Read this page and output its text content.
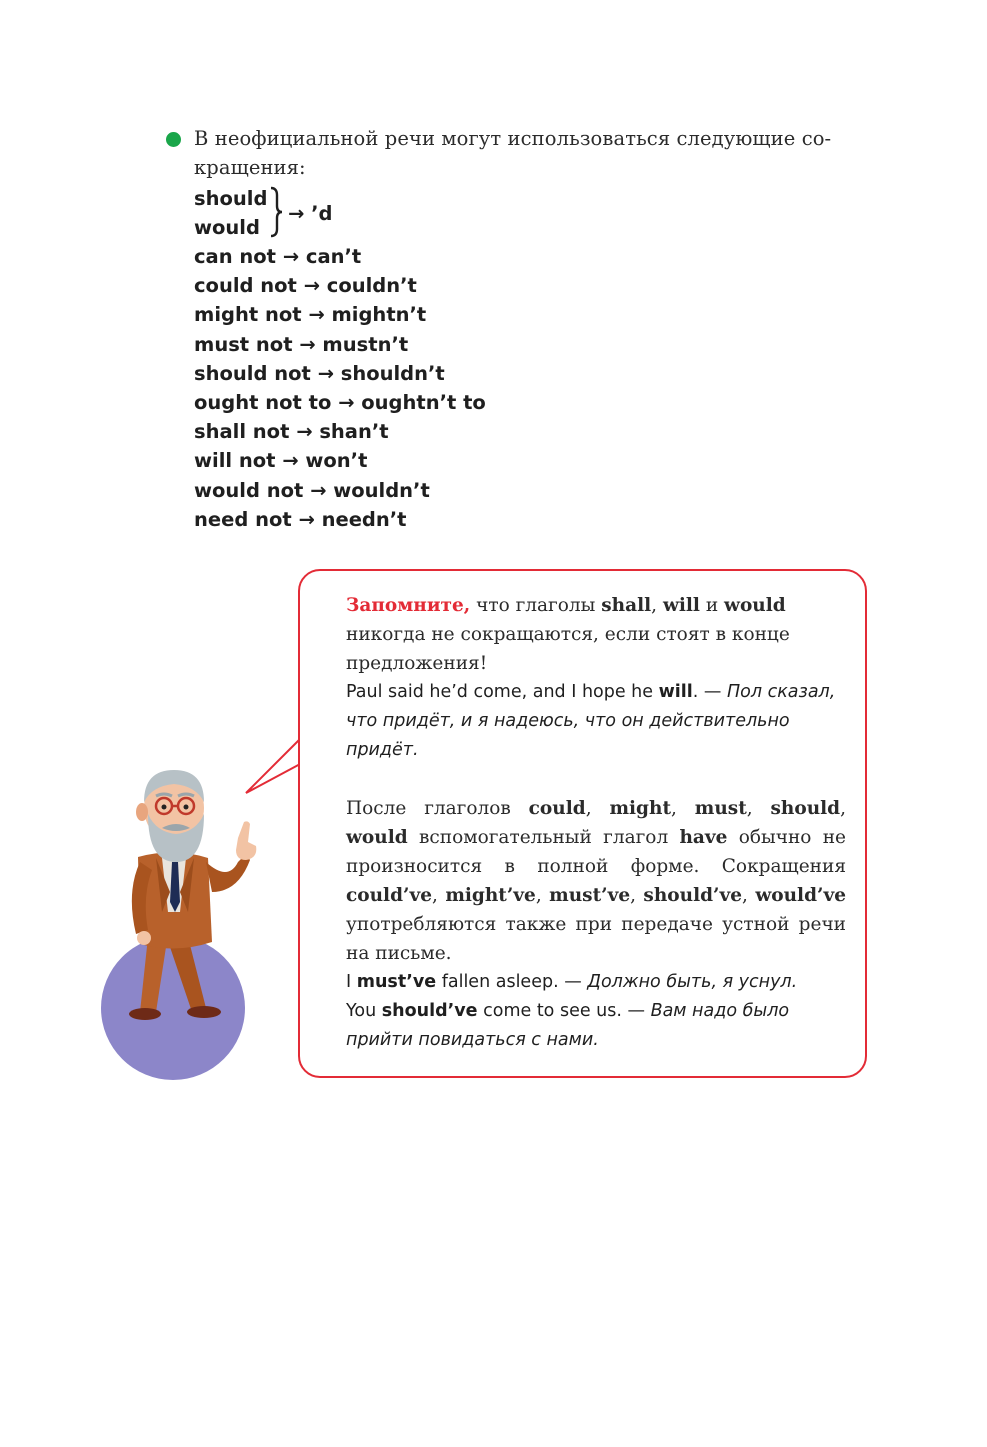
В неофициальной речи могут использоваться следующие со-
кращения:
should
would
→ ’d
can not → can’t
could not → couldn’t
might not → mightn’t
must not → mustn’t
should not → shouldn’t
ought not to → oughtn’t to
shall not → shan’t
will not → won’t
would not → wouldn’t
need not → needn’t

Запомните, что глаголы shall, will и would никогда не сокращаются, если стоят в конце предложения!

Paul said he’d come, and I hope he will. — Пол сказал, что придёт, и я надеюсь, что он действительно придёт.

После глаголов could, might, must, should, would вспомогательный глагол have обычно не произносится в полной форме. Сокращения could’ve, might’ve, must’ve, should’ve, would’ve употребляются также при передаче устной речи на письме.

I must’ve fallen asleep. — Должно быть, я уснул.

You should’ve come to see us. — Вам надо было прийти повидаться с нами.
